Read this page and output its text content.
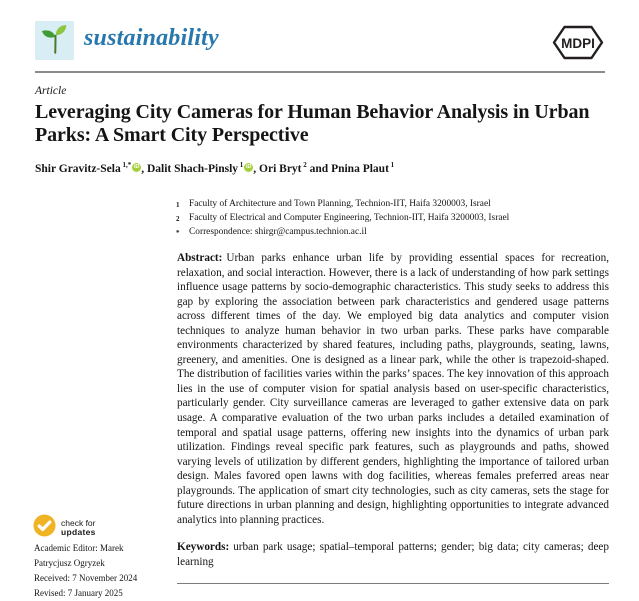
sustainability	MDPI
Article
Leveraging City Cameras for Human Behavior Analysis in Urban Parks: A Smart City Perspective
Shir Gravitz-Sela $^{1,*}$ iD , Dalit Shach-Pinsly $^1$ iD , Ori Bryt $^2$ and Pnina Plaut $^1$
1	Faculty of Architecture and Town Planning, Technion-IIT, Haifa 3200003, Israel
2	Faculty of Electrical and Computer Engineering, Technion-IIT, Haifa 3200003, Israel
*	Correspondence: shirgr@campus.technion.ac.il

Abstract: Urban parks enhance urban life by providing essential spaces for recreation, relaxation, and social interaction. However, there is a lack of understanding of how park settings influence usage patterns by socio-demographic characteristics. This study seeks to address this gap by exploring the association between park characteristics and gendered usage patterns across different times of the day. We employed big data analytics and computer vision techniques to analyze human behavior in two urban parks. These parks have comparable environments characterized by shared features, including paths, playgrounds, seating, lawns, greenery, and amenities. One is designed as a linear park, while the other is trapezoid-shaped. The distribution of facilities varies within the parks’ spaces. The key innovation of this approach lies in the use of computer vision for spatial analysis based on user-specific characteristics, particularly gender. City surveillance cameras are leveraged to gather extensive data on park usage. A comparative evaluation of the two urban parks includes a detailed examination of temporal and spatial usage patterns, offering new insights into the dynamics of urban park utilization. Findings reveal specific park features, such as playgrounds and paths, showed varying levels of utilization by different genders, highlighting the importance of tailored urban design. Males favored open lawns with dog facilities, whereas females preferred areas near playgrounds. The application of smart city technologies, such as city cameras, sets the stage for future directions in urban planning and design, highlighting opportunities to integrate advanced analytics into planning practices.

Keywords: urban park usage; spatial–temporal patterns; gender; big data; city cameras; deep learning

check for
updates
Academic Editor: Marek Patrycjusz Ogryzek
Received: 7 November 2024
Revised: 7 January 2025
